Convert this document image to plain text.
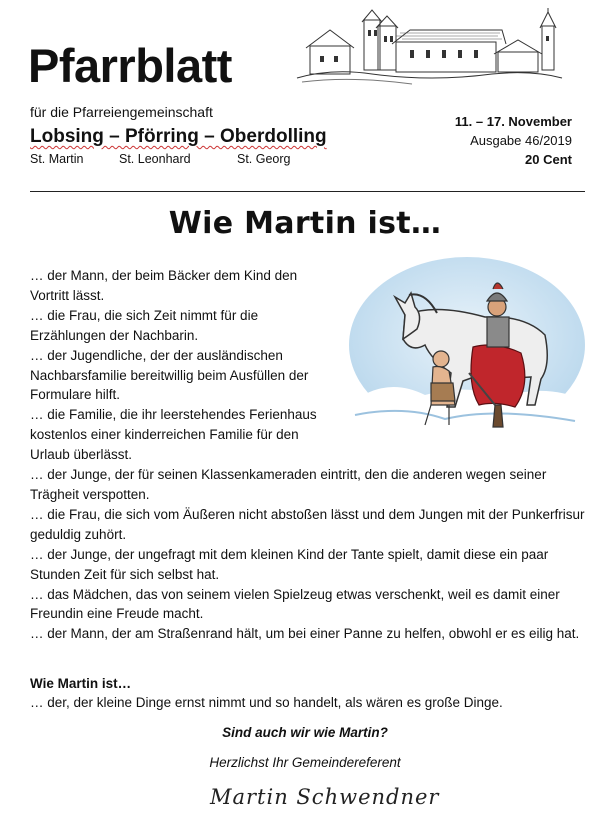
Pfarrblatt
für die Pfarreiengemeinschaft
Lobsing – Pförring – Oberdolling
St. Martin	St. Leonhard	St. Georg
11. – 17. November
Ausgabe 46/2019
20 Cent
Wie Martin ist…

… der Mann, der beim Bäcker dem Kind den Vortritt lässt.

… die Frau, die sich Zeit nimmt für die Erzählungen der Nachbarin.

… der Jugendliche, der der ausländischen Nachbarsfamilie bereitwillig beim Ausfüllen der Formulare hilft.

… die Familie, die ihr leerstehendes Ferienhaus kostenlos einer kinderreichen Familie für den Urlaub überlässt.

… der Junge, der für seinen Klassenkameraden eintritt, den die anderen wegen seiner Trägheit verspotten.

… die Frau, die sich vom Äußeren nicht abstoßen lässt und dem Jungen mit der Punkerfrisur geduldig zuhört.

… der Junge, der ungefragt mit dem kleinen Kind der Tante spielt, damit diese ein paar Stunden Zeit für sich selbst hat.

… das Mädchen, das von seinem vielen Spielzeug etwas verschenkt, weil es damit einer Freundin eine Freude macht.

… der Mann, der am Straßenrand hält, um bei einer Panne zu helfen, obwohl er es eilig hat.

Wie Martin ist…
… der, der kleine Dinge ernst nimmt und so handelt, als wären es große Dinge.
Sind auch wir wie Martin?
Herzlichst Ihr Gemeindereferent
Martin Schwendner
